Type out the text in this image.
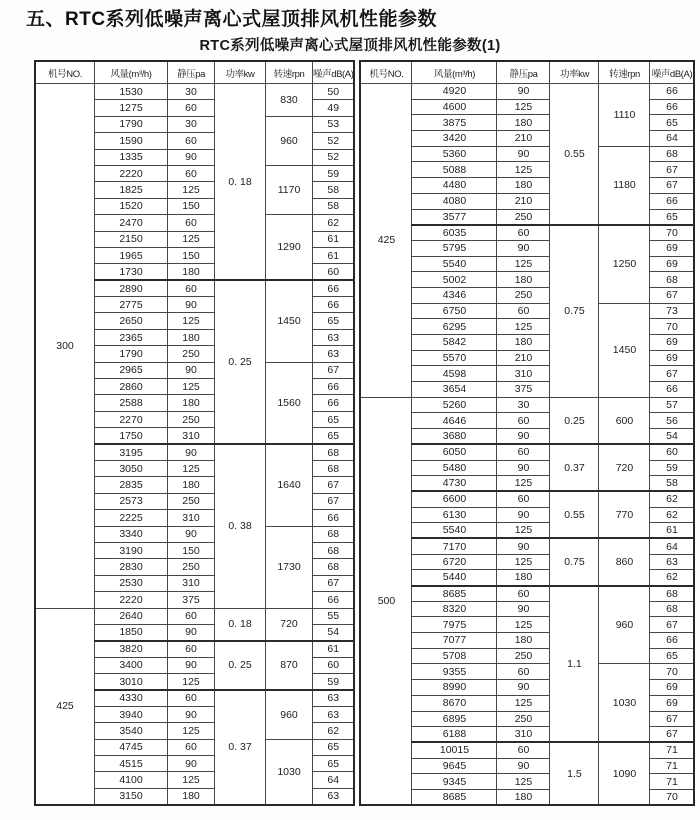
五、RTC系列低噪声离心式屋顶排风机性能参数
RTC系列低噪声离心式屋顶排风机性能参数(1)
机号NO.	风量(m³/h)	静压pa	功率kw	转速rpn	噪声dB(A)
300	1530	30	0. 18	830	50
	1275	60			49
	1790	30		960	53
	1590	60			52
	1335	90			52
	2220	60		1170	59
	1825	125			58
	1520	150			58
	2470	60		1290	62
	2150	125			61
	1965	150			61
	1730	180			60
	2890	60	0. 25	1450	66
	2775	90			66
	2650	125			65
	2365	180			63
	1790	250			63
	2965	90		1560	67
	2860	125			66
	2588	180			66
	2270	250			65
	1750	310			65
	3195	90	0. 38	1640	68
	3050	125			68
	2835	180			67
	2573	250			67
	2225	310			66
	3340	90		1730	68
	3190	150			68
	2830	250			68
	2530	310			67
	2220	375			66
425	2640	60	0. 18	720	55
	1850	90			54
	3820	60	0. 25	870	61
	3400	90			60
	3010	125			59
	4330	60	0. 37	960	63
	3940	90			63
	3540	125			62
	4745	60		1030	65
	4515	90			65
	4100	125			64
	3150	180			63
机号NO.	风量(m³/h)	静压pa	功率kw	转速rpn	噪声dB(A)
425	4920	90	0.55	1110	66
	4600	125			66
	3875	180			65
	3420	210			64
	5360	90		1180	68
	5088	125			67
	4480	180			67
	4080	210			66
	3577	250			65
	6035	60	0.75	1250	70
	5795	90			69
	5540	125			69
	5002	180			68
	4346	250			67
	6750	60		1450	73
	6295	125			70
	5842	180			69
	5570	210			69
	4598	310			67
	3654	375			66
500	5260	30	0.25	600	57
	4646	60			56
	3680	90			54
	6050	60	0.37	720	60
	5480	90			59
	4730	125			58
	6600	60	0.55	770	62
	6130	90			62
	5540	125			61
	7170	90	0.75	860	64
	6720	125			63
	5440	180			62
	8685	60	1.1	960	68
	8320	90			68
	7975	125			67
	7077	180			66
	5708	250			65
	9355	60		1030	70
	8990	90			69
	8670	125			69
	6895	250			67
	6188	310			67
	10015	60	1.5	1090	71
	9645	90			71
	9345	125			71
	8685	180			70
